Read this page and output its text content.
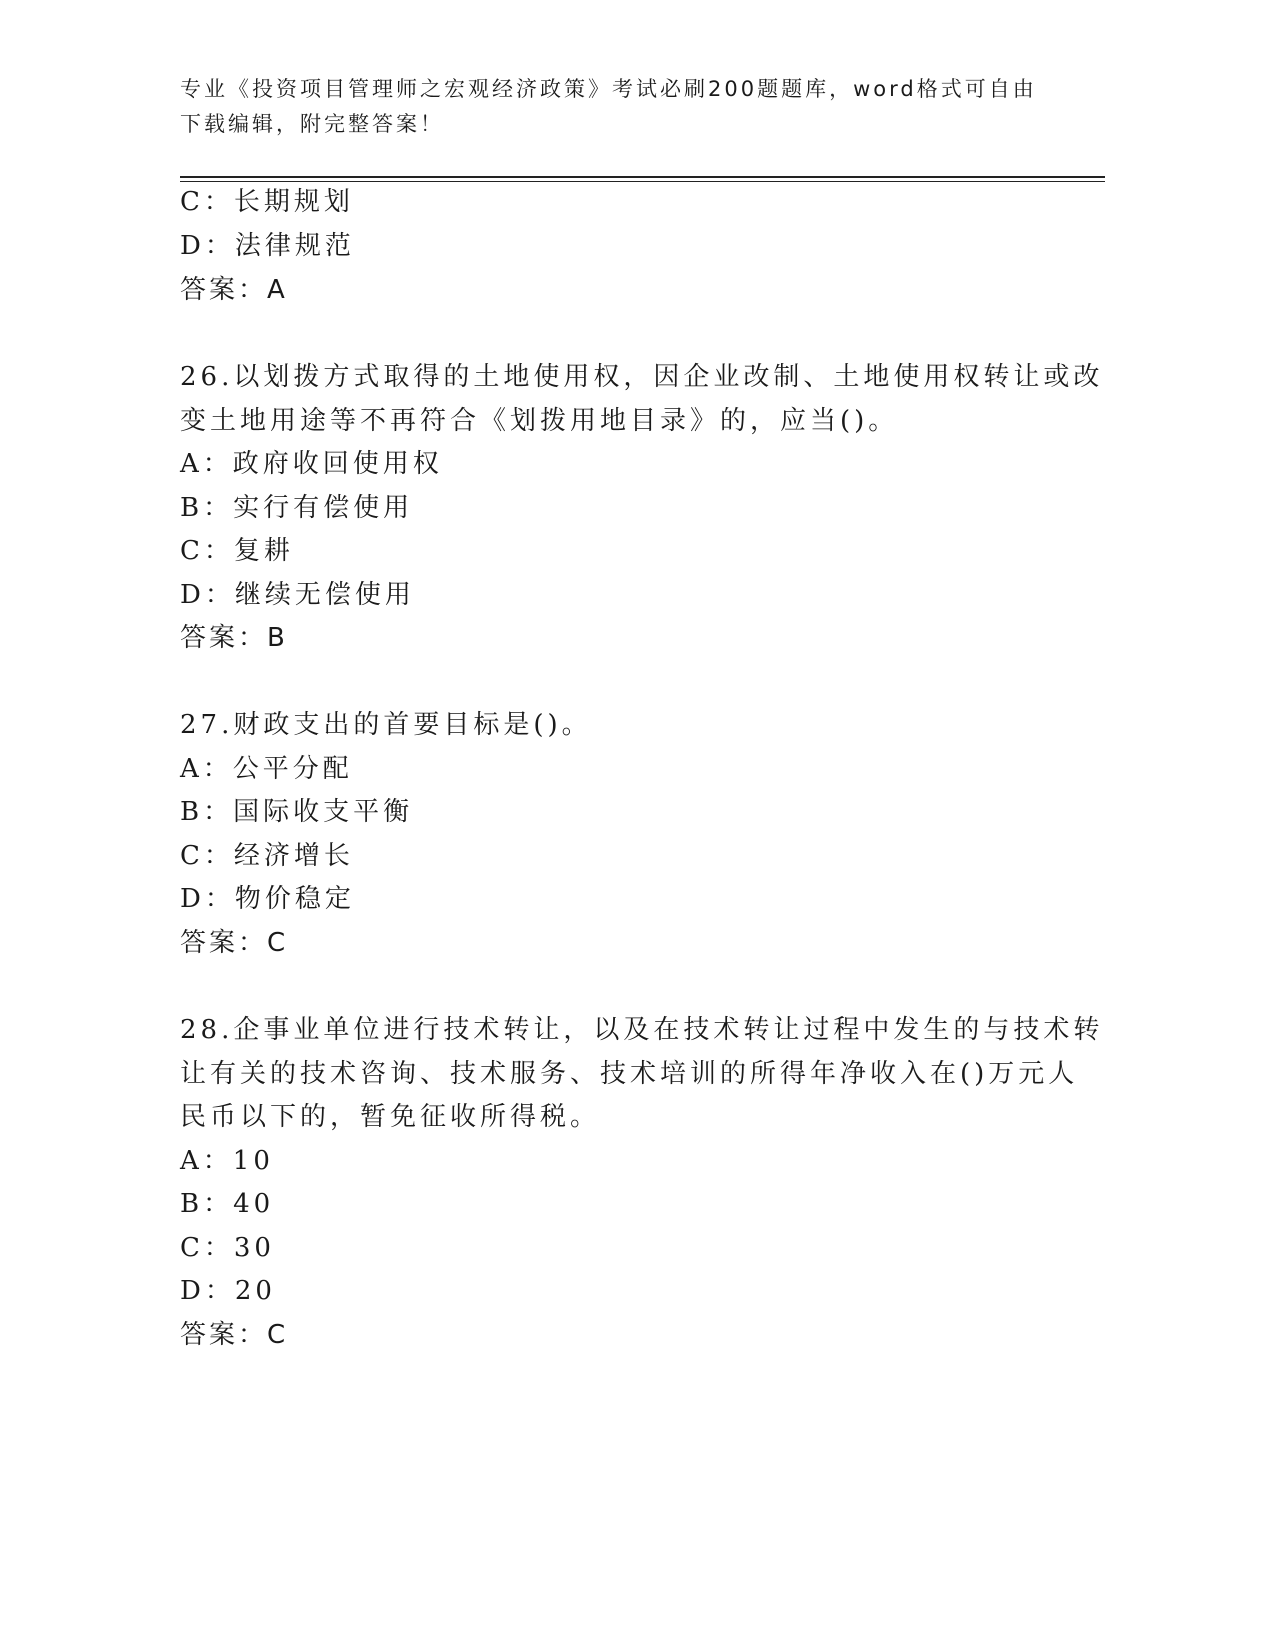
专业《投资项目管理师之宏观经济政策》考试必刷200题题库，word格式可自由
下载编辑，附完整答案！
C：长期规划
D：法律规范
答案：A
26.以划拨方式取得的土地使用权，因企业改制、土地使用权转让或改
变土地用途等不再符合《划拨用地目录》的，应当()。
A：政府收回使用权
B：实行有偿使用
C：复耕
D：继续无偿使用
答案：B
27.财政支出的首要目标是()。
A：公平分配
B：国际收支平衡
C：经济增长
D：物价稳定
答案：C
28.企事业单位进行技术转让，以及在技术转让过程中发生的与技术转
让有关的技术咨询、技术服务、技术培训的所得年净收入在()万元人
民币以下的，暂免征收所得税。
A：10
B：40
C：30
D：20
答案：C
